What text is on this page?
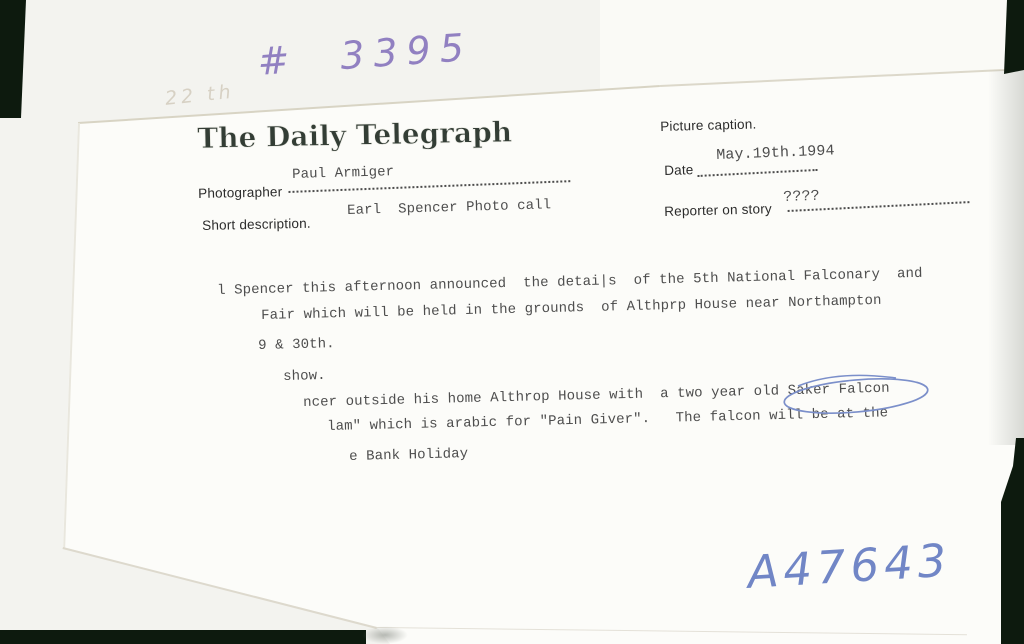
22 th
#  3395
The Daily Telegraph
Paul Armiger
Photographer
Earl  Spencer Photo call
Short description.
Picture caption.
May.19th.1994
Date
????
Reporter on story
l Spencer this afternoon announced  the detai|s  of the 5th National Falconary  and
Fair which will be held in the grounds  of Althprp House near Northampton
9 & 30th.
show.
ncer outside his home Althrop House with  a two year old Saker Falcon
lam" which is arabic for "Pain Giver".   The falcon will be at the
e Bank Holiday
A47643
